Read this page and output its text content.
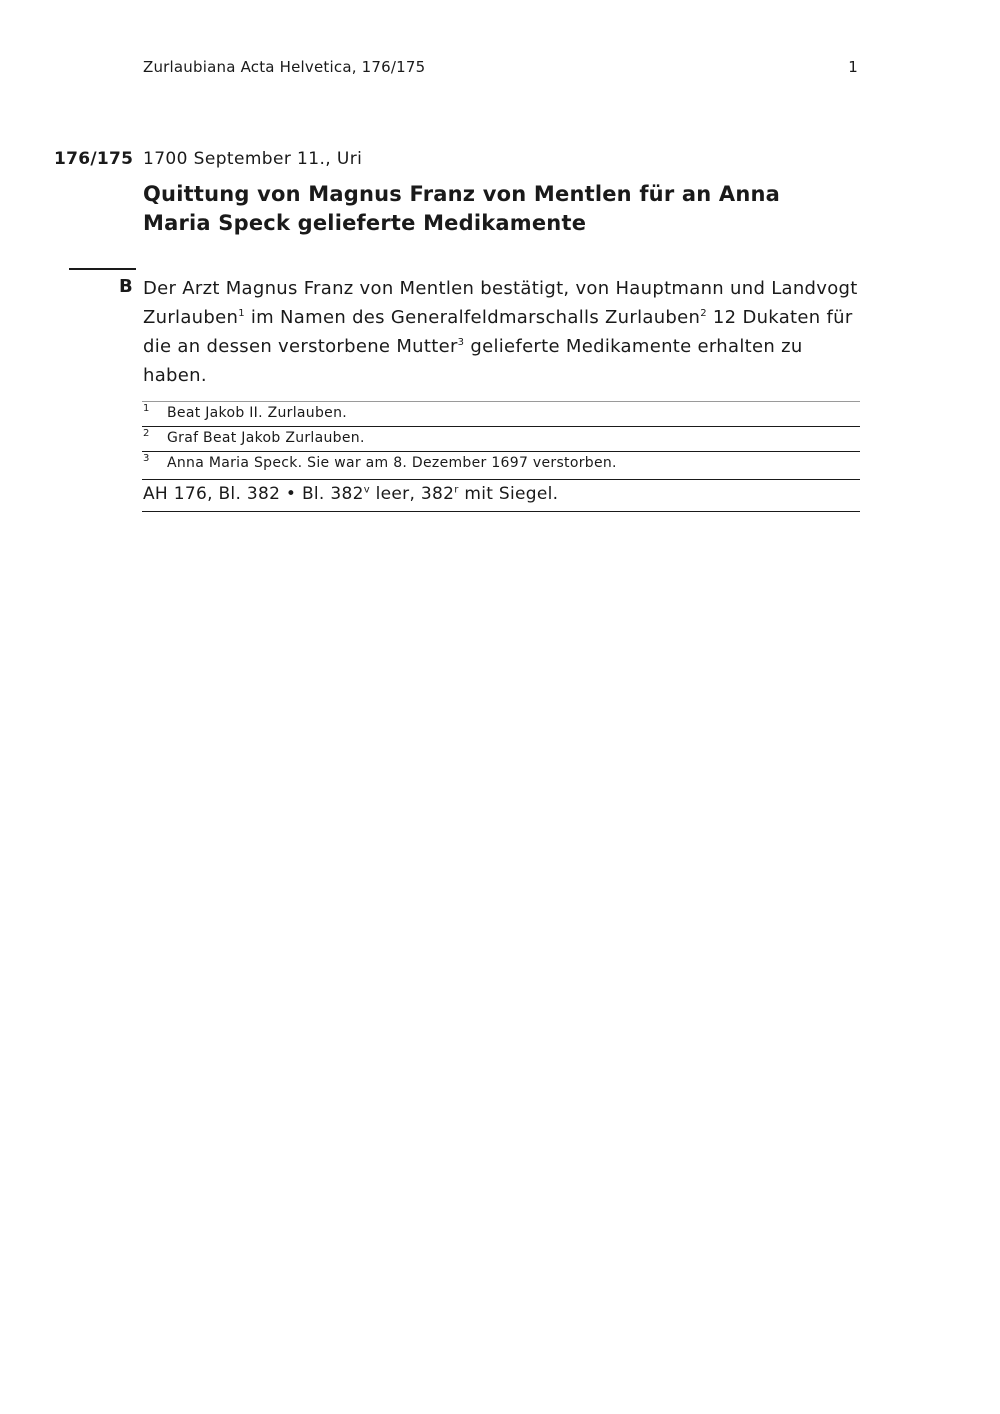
Zurlaubiana Acta Helvetica, 176/175	1
176/175 1700 September 11., Uri
Quittung von Magnus Franz von Mentlen für an Anna Maria Speck gelieferte Medikamente
B Der Arzt Magnus Franz von Mentlen bestätigt, von Hauptmann und Landvogt Zurlauben$^1$ im Namen des Generalfeldmarschalls Zurlauben$^2$ 12 Dukaten für die an dessen verstorbene Mutter$^3$ gelieferte Medikamente erhalten zu haben.

1 Beat Jakob II. Zurlauben.
2 Graf Beat Jakob Zurlauben.
3 Anna Maria Speck. Sie war am 8. Dezember 1697 verstorben.
AH 176, Bl. 382 • Bl. 382$^v$ leer, 382$^r$ mit Siegel.
